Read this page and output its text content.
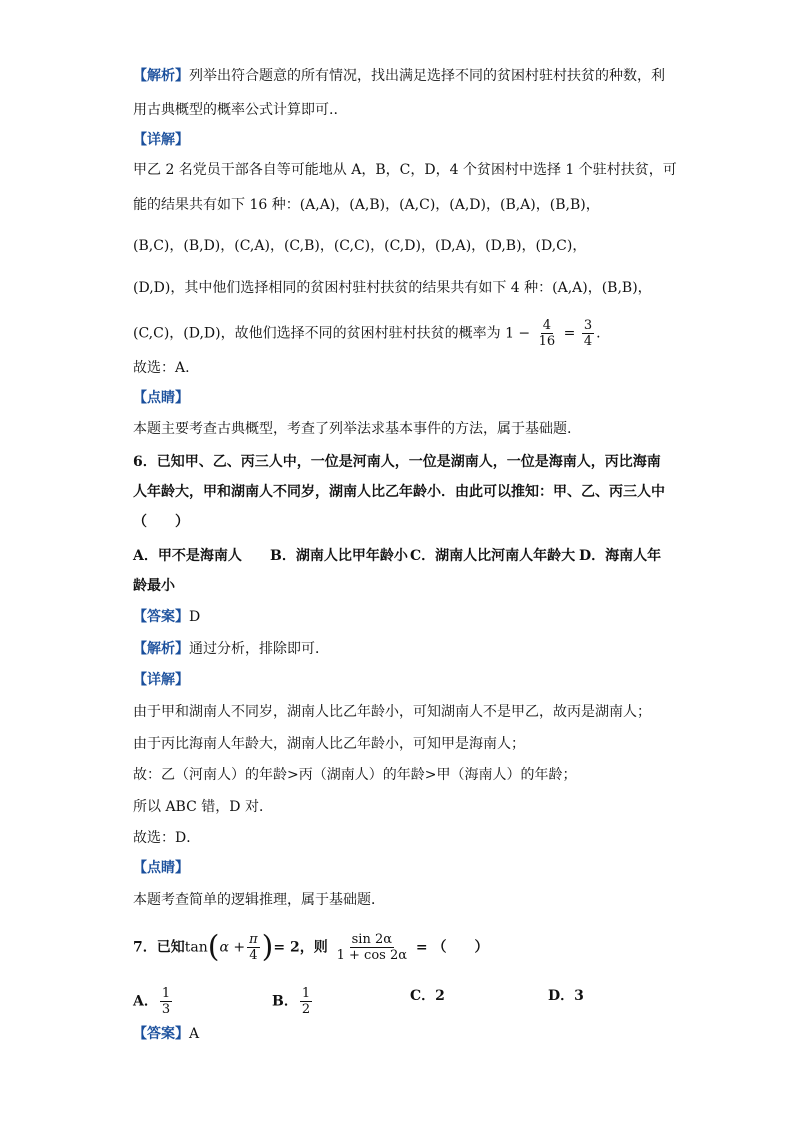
【解析】列举出符合题意的所有情况，找出满足选择不同的贫困村驻村扶贫的种数，利
用古典概型的概率公式计算即可..
【详解】
甲乙 2 名党员干部各自等可能地从 A，B，C，D，4 个贫困村中选择 1 个驻村扶贫，可
能的结果共有如下 16 种：(A,A)，(A,B)，(A,C)，(A,D)，(B,A)，(B,B)，
(B,C)，(B,D)，(C,A)，(C,B)，(C,C)，(C,D)，(D,A)，(D,B)，(D,C)，
(D,D)，其中他们选择相同的贫困村驻村扶贫的结果共有如下 4 种：(A,A)，(B,B)，
(C,C)，(D,D)，故他们选择不同的贫困村驻村扶贫的概率为 $1 - \frac{4}{16} = \frac{3}{4}$ .
故选：A.
【点睛】
本题主要考查古典概型，考查了列举法求基本事件的方法，属于基础题.
6．已知甲、乙、丙三人中，一位是河南人，一位是湖南人，一位是海南人，丙比海南
人年龄大，甲和湖南人不同岁，湖南人比乙年龄小．由此可以推知：甲、乙、丙三人中
（　　）
A．甲不是海南人 B．湖南人比甲年龄小 C．湖南人比河南人年龄大 D．海南人年
龄最小
【答案】D
【解析】通过分析，排除即可．
【详解】
由于甲和湖南人不同岁，湖南人比乙年龄小，可知湖南人不是甲乙，故丙是湖南人；
由于丙比海南人年龄大，湖南人比乙年龄小，可知甲是海南人；
故：乙（河南人）的年龄>丙（湖南人）的年龄>甲（海南人）的年龄；
所以 ABC 错，D 对．
故选：D．
【点睛】
本题考查简单的逻辑推理，属于基础题．
7．已知$\tan(\alpha + \frac{\pi}{4}$ )= 2，则 $\frac{\sin 2\alpha}{1 + \cos 2\alpha}$ = （　　）
A． $\frac{1}{3}$	B． $\frac{1}{2}$	C．2	D．3
【答案】A
